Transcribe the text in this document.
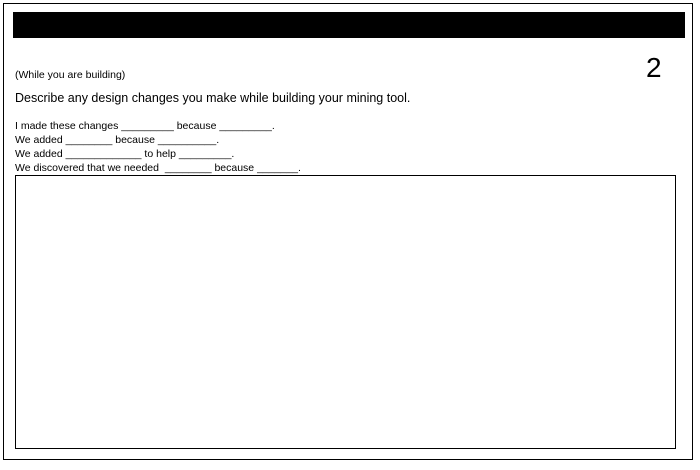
2
(While you are building)
Describe any design changes you make while building your mining tool.
I made these changes _________ because _________.
We added ________ because __________.
We added _____________ to help _________.
We discovered that we needed  ________ because _______.
